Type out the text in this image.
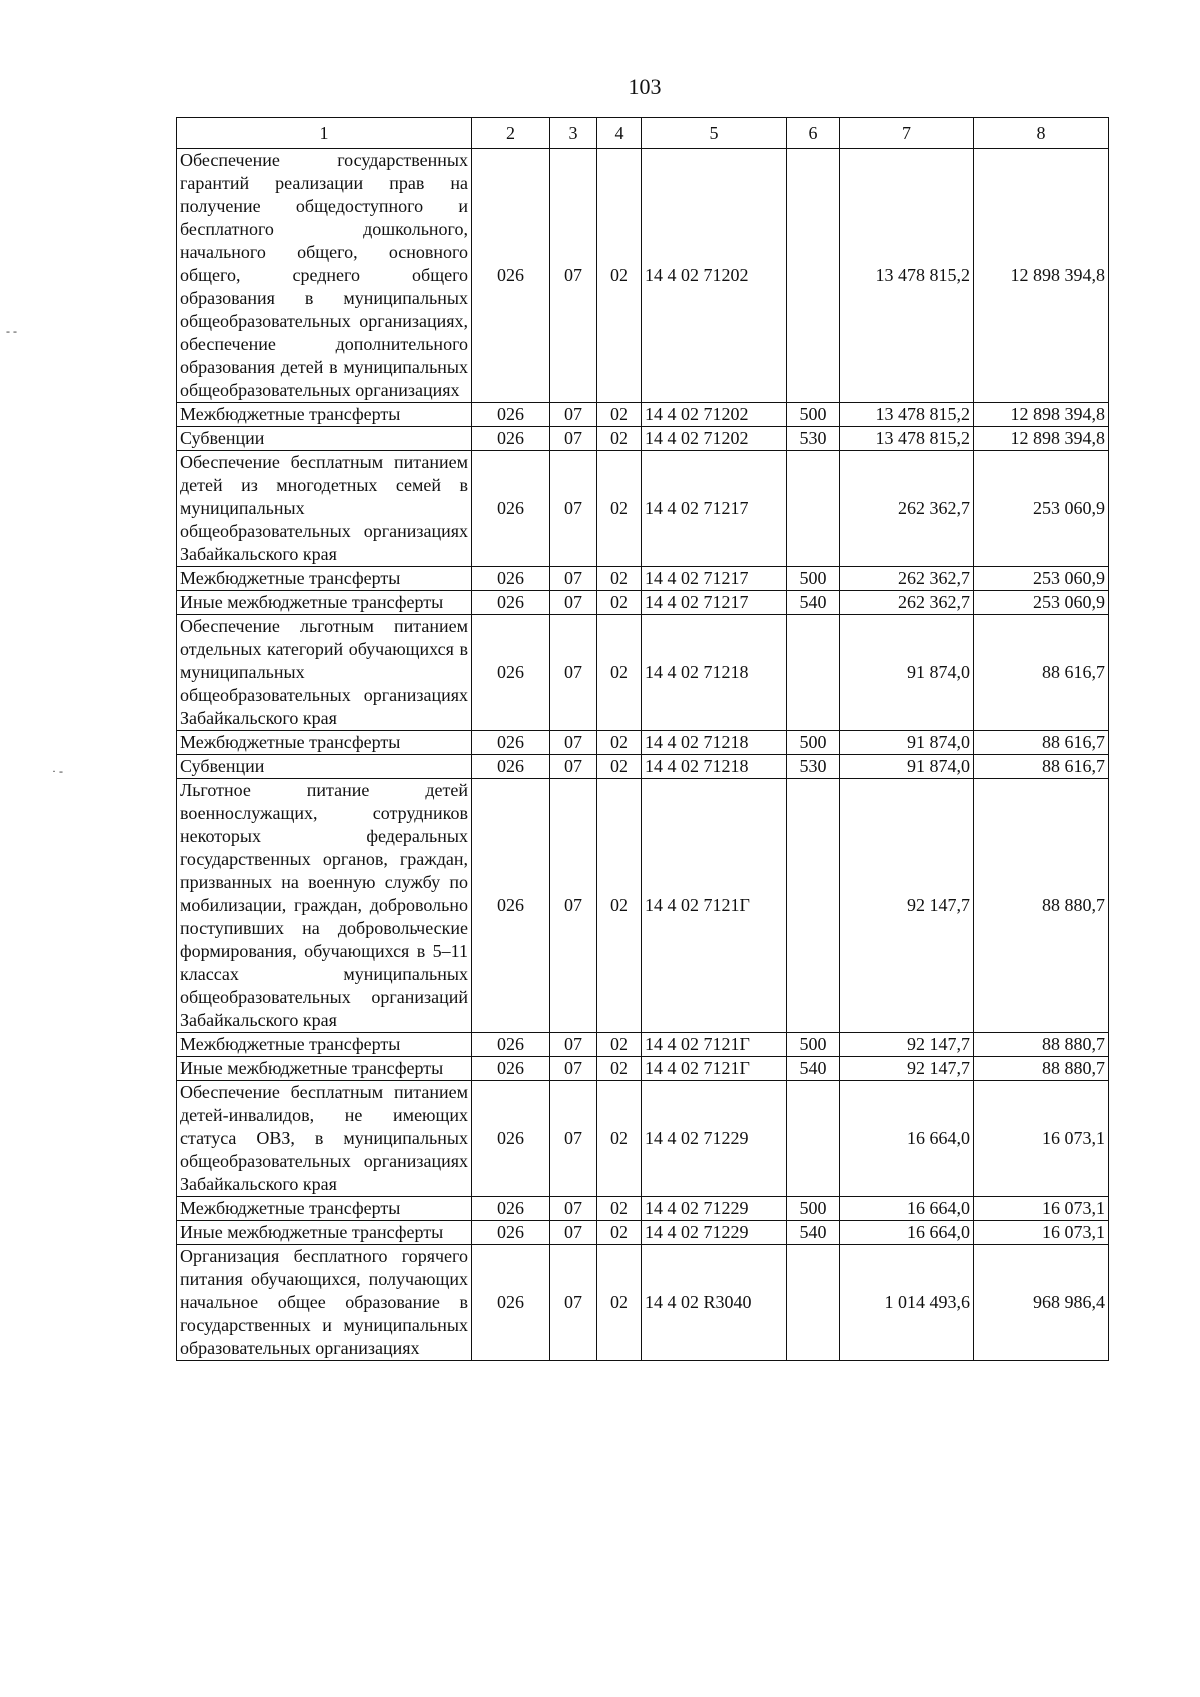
103
- -
· -
1	2	3	4	5	6	7	8
Обеспечение государственных гарантий реализации прав на получение общедоступного и бесплатного дошкольного, начального общего, основного общего, среднего общего образования в муниципальных общеобразовательных организациях, обеспечение дополнительного образования детей в муниципальных общеобразовательных организациях	026	07	02	14 4 02 71202		13 478 815,2	12 898 394,8
Межбюджетные трансферты	026	07	02	14 4 02 71202	500	13 478 815,2	12 898 394,8
Субвенции	026	07	02	14 4 02 71202	530	13 478 815,2	12 898 394,8
Обеспечение бесплатным питанием детей из многодетных семей в муниципальных общеобразовательных организациях Забайкальского края	026	07	02	14 4 02 71217		262 362,7	253 060,9
Межбюджетные трансферты	026	07	02	14 4 02 71217	500	262 362,7	253 060,9
Иные межбюджетные трансферты	026	07	02	14 4 02 71217	540	262 362,7	253 060,9
Обеспечение льготным питанием отдельных категорий обучающихся в муниципальных общеобразовательных организациях Забайкальского края	026	07	02	14 4 02 71218		91 874,0	88 616,7
Межбюджетные трансферты	026	07	02	14 4 02 71218	500	91 874,0	88 616,7
Субвенции	026	07	02	14 4 02 71218	530	91 874,0	88 616,7
Льготное питание детей военнослужащих, сотрудников некоторых федеральных государственных органов, граждан, призванных на военную службу по мобилизации, граждан, добровольно поступивших на добровольческие формирования, обучающихся в 5–11 классах муниципальных общеобразовательных организаций Забайкальского края	026	07	02	14 4 02 7121Г		92 147,7	88 880,7
Межбюджетные трансферты	026	07	02	14 4 02 7121Г	500	92 147,7	88 880,7
Иные межбюджетные трансферты	026	07	02	14 4 02 7121Г	540	92 147,7	88 880,7
Обеспечение бесплатным питанием детей-инвалидов, не имеющих статуса ОВЗ, в муниципальных общеобразовательных организациях Забайкальского края	026	07	02	14 4 02 71229		16 664,0	16 073,1
Межбюджетные трансферты	026	07	02	14 4 02 71229	500	16 664,0	16 073,1
Иные межбюджетные трансферты	026	07	02	14 4 02 71229	540	16 664,0	16 073,1
Организация бесплатного горячего питания обучающихся, получающих начальное общее образование в государственных и муниципальных образовательных организациях	026	07	02	14 4 02 R3040		1 014 493,6	968 986,4
